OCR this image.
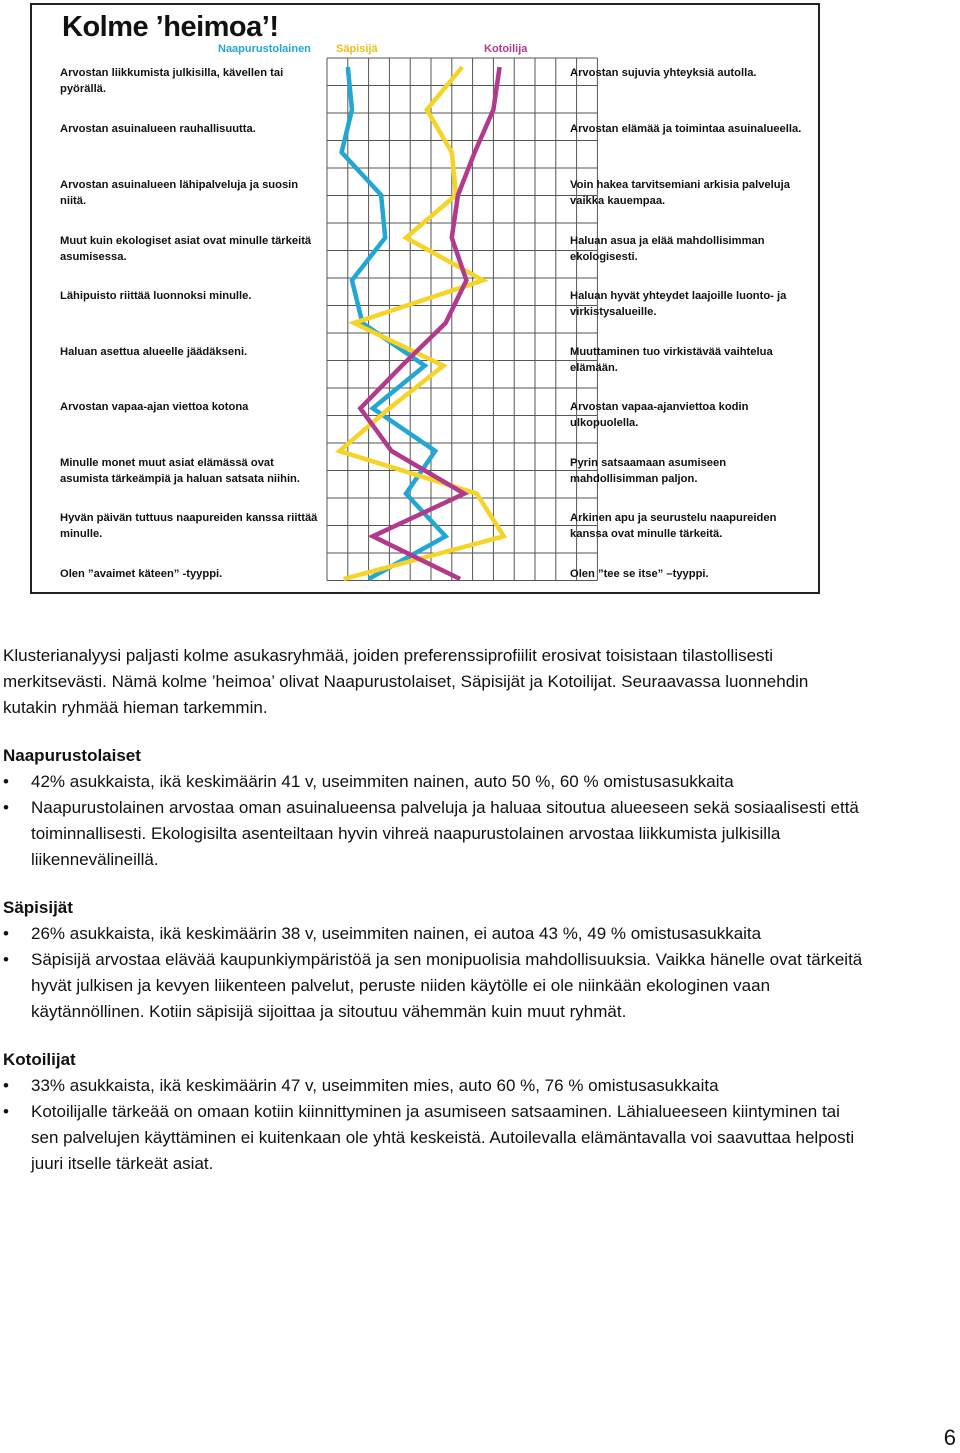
Kolme ’heimoa’!
Naapurustolainen Säpisijä	Kotoilija
Arvostan liikkumista julkisilla, kävellen tai pyörällä.
Arvostan asuinalueen rauhallisuutta.
Arvostan asuinalueen lähipalveluja ja suosin niitä.
Muut kuin ekologiset asiat ovat minulle tärkeitä asumisessa.
Lähipuisto riittää luonnoksi minulle.
Haluan asettua alueelle jäädäkseni.
Arvostan vapaa-ajan viettoa kotona
Minulle monet muut asiat elämässä ovat asumista tärkeämpiä ja haluan satsata niihin.
Hyvän päivän tuttuus naapureiden kanssa riittää minulle.
Olen ”avaimet käteen” -tyyppi.
Arvostan sujuvia yhteyksiä autolla.
Arvostan elämää ja toimintaa asuinalueella.
Voin hakea tarvitsemiani arkisia palveluja vaikka kauempaa.
Haluan asua ja elää mahdollisimman ekologisesti.
Haluan hyvät yhteydet laajoille luonto- ja virkistysalueille.
Muuttaminen tuo virkistävää vaihtelua elämään.
Arvostan vapaa-ajanviettoa kodin ulkopuolella.
Pyrin satsaamaan asumiseen mahdollisimman paljon.
Arkinen apu ja seurustelu naapureiden kanssa ovat minulle tärkeitä.
Olen ”tee se itse” –tyyppi.

Klusterianalyysi paljasti kolme asukasryhmää, joiden preferenssiprofiilit erosivat toisistaan tilastollisesti merkitsevästi. Nämä kolme ’heimoa’ olivat Naapurustolaiset, Säpisijät ja Kotoilijat. Seuraavassa luonnehdin kutakin ryhmää hieman tarkemmin.

Naapurustolaiset

• 42% asukkaista, ikä keskimäärin 41 v, useimmiten nainen, auto 50 %, 60 % omistusasukkaita
• Naapurustolainen arvostaa oman asuinalueensa palveluja ja haluaa sitoutua alueeseen sekä sosiaalisesti että toiminnallisesti. Ekologisilta asenteiltaan hyvin vihreä naapurustolainen arvostaa liikkumista julkisilla liikennevälineillä.

Säpisijät

• 26% asukkaista, ikä keskimäärin 38 v, useimmiten nainen, ei autoa 43 %, 49 % omistusasukkaita
• Säpisijä arvostaa elävää kaupunkiympäristöä ja sen monipuolisia mahdollisuuksia. Vaikka hänelle ovat tärkeitä hyvät julkisen ja kevyen liikenteen palvelut, peruste niiden käytölle ei ole niinkään ekologinen vaan käytännöllinen. Kotiin säpisijä sijoittaa ja sitoutuu vähemmän kuin muut ryhmät.

Kotoilijat

• 33% asukkaista, ikä keskimäärin 47 v, useimmiten mies, auto 60 %, 76 % omistusasukkaita
• Kotoilijalle tärkeää on omaan kotiin kiinnittyminen ja asumiseen satsaaminen. Lähialueeseen kiintyminen tai sen palvelujen käyttäminen ei kuitenkaan ole yhtä keskeistä. Autoilevalla elämäntavalla voi saavuttaa helposti juuri itselle tärkeät asiat.
6
